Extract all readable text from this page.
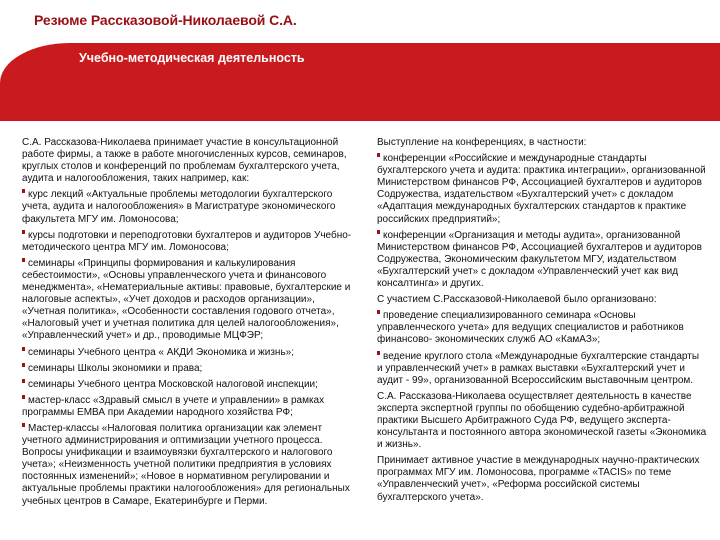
Резюме Рассказовой-Николаевой С.А.
Учебно-методическая деятельность

С.А. Рассказова-Николаева принимает участие в консультационной работе фирмы, а также в работе многочисленных курсов, семинаров, круглых столов и конференций по проблемам бухгалтерского учета, аудита и налогообложения, таких например, как:

курс лекций «Актуальные проблемы методологии бухгалтерского учета, аудита и налогообложения» в Магистратуре экономического факультета МГУ им. Ломоносова;
курсы подготовки и переподготовки бухгалтеров и аудиторов Учебно-методического центра МГУ им. Ломоносова;
семинары «Принципы формирования и калькулирования себестоимости», «Основы управленческого учета и финансового менеджмента», «Нематериальные активы: правовые, бухгалтерские и налоговые аспекты», «Учет доходов и расходов организации», «Учетная политика», «Особенности составления годового отчета», «Налоговый учет и учетная политика для целей налогообложения», «Управленческий учет» и др., проводимые МЦФЭР;
семинары Учебного центра « АКДИ Экономика и жизнь»;
семинары Школы экономики и права;
семинары Учебного центра Московской налоговой инспекции;
мастер-класс «Здравый смысл в учете и управлении» в рамках программы ЕМВА при Академии народного хозяйства РФ;
Мастер-классы «Налоговая политика организации как элемент учетного администрирования и оптимизации учетного процесса. Вопросы унификации и взаимоувязки бухгалтерского и налогового учета»; «Неизменность учетной политики предприятия в условиях постоянных изменений»; «Новое в нормативном регулировании и актуальные проблемы практики налогообложения» для региональных учебных центров в Самаре, Екатеринбурге и Перми.

Выступление на конференциях, в частности:

конференции «Российские и международные стандарты бухгалтерского учета и аудита: практика интеграции», организованной Министерством финансов РФ, Ассоциацией бухгалтеров и аудиторов Содружества, издательством «Бухгалтерский учет» с докладом «Адаптация международных бухгалтерских стандартов к практике российских предприятий»;
конференции «Организация и методы аудита», организованной Министерством финансов РФ, Ассоциацией бухгалтеров и аудиторов Содружества, Экономическим факультетом МГУ, издательством «Бухгалтерский учет» с докладом «Управленческий учет как вид консалтинга» и других.

С участием С.Рассказовой-Николаевой было организовано:

проведение специализированного семинара «Основы управленческого учета» для ведущих специалистов и работников финансово- экономических служб АО «КамАЗ»;
ведение круглого стола «Международные бухгалтерские стандарты и управленческий учет» в рамках выставки «Бухгалтерский учет и аудит - 99», организованной Всероссийским выставочным центром.

С.А. Рассказова-Николаева осуществляет деятельность в качестве эксперта экспертной группы по обобщению судебно-арбитражной практики Высшего Арбитражного Суда РФ, ведущего эксперта-консультанта и постоянного автора экономической газеты «Экономика и жизнь».

Принимает активное участие в международных научно-практических программах МГУ им. Ломоносова, программе «TACIS» по теме «Управленческий учет», «Реформа российской системы бухгалтерского учета».
